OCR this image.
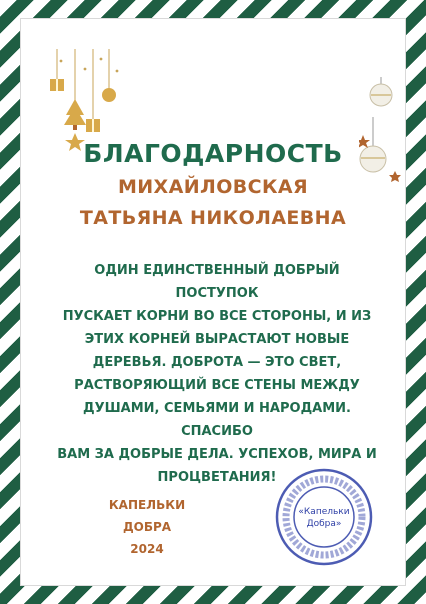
БЛАГОДАРНОСТЬ
МИХАЙЛОВСКАЯ
ТАТЬЯНА НИКОЛАЕВНА
ОДИН ЕДИНСТВЕННЫЙ ДОБРЫЙ ПОСТУПОК
ПУСКАЕТ КОРНИ ВО ВСЕ СТОРОНЫ, И ИЗ
ЭТИХ КОРНЕЙ ВЫРАСТАЮТ НОВЫЕ
ДЕРЕВЬЯ. ДОБРОТА — ЭТО СВЕТ,
РАСТВОРЯЮЩИЙ ВСЕ СТЕНЫ МЕЖДУ
ДУШАМИ, СЕМЬЯМИ И НАРОДАМИ. СПАСИБО
ВАМ ЗА ДОБРЫЕ ДЕЛА. УСПЕХОВ, МИРА И
ПРОЦВЕТАНИЯ!
КАПЕЛЬКИ
ДОБРА
2024
«Капельки
Добра»
